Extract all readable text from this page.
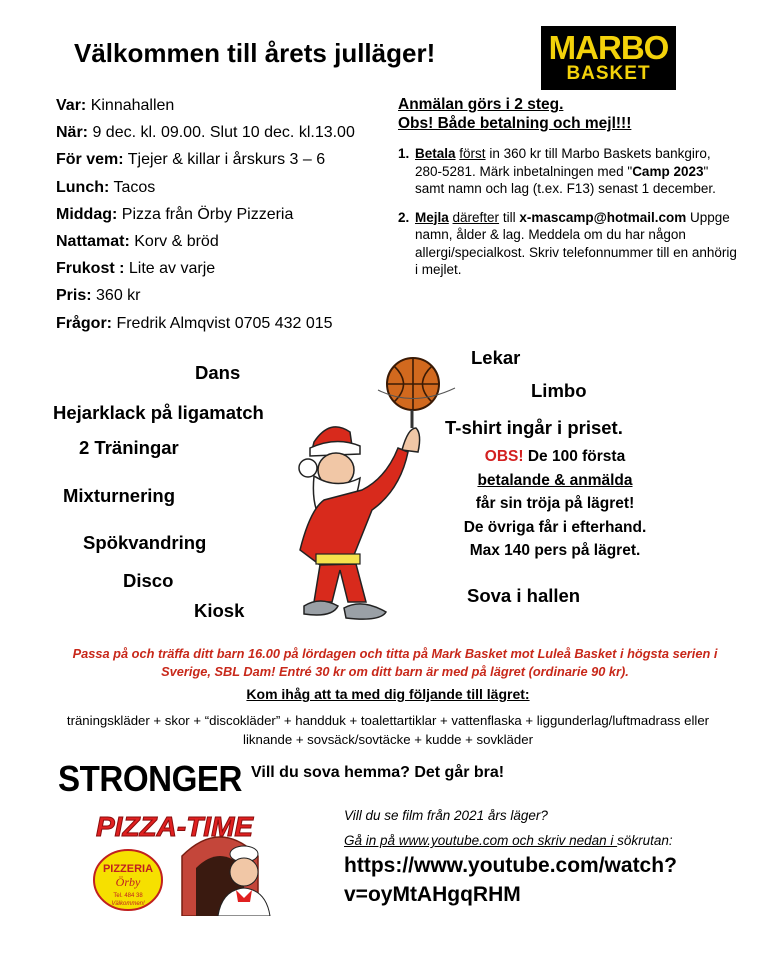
Välkommen till årets julläger!	MARBO
BASKET
Var: Kinnahallen
När: 9 dec. kl. 09.00. Slut 10 dec. kl.13.00
För vem: Tjejer & killar i årskurs 3 – 6
Lunch: Tacos
Middag: Pizza från Örby Pizzeria
Nattamat: Korv & bröd
Frukost : Lite av varje
Pris: 360 kr
Frågor: Fredrik Almqvist 0705 432 015
Anmälan görs i 2 steg.
Obs! Både betalning och mejl!!!
1. Betala först in 360 kr till Marbo Baskets bankgiro, 280-5281. Märk inbetalningen med "Camp 2023" samt namn och lag (t.ex. F13) senast 1 december.
2. Mejla därefter till x-mascamp@hotmail.com Uppge namn, ålder & lag. Meddela om du har någon allergi/specialkost. Skriv telefonnummer till en anhörig i mejlet.
Dans
Hejarklack på ligamatch
2 Träningar
Mixturnering
Spökvandring
Disco
Kiosk
Lekar
Limbo
T-shirt ingår i priset.
Sova i hallen
OBS! De 100 första
betalande & anmälda
får sin tröja på lägret!
De övriga får i efterhand.
Max 140 pers på lägret.
Passa på och träffa ditt barn 16.00 på lördagen och titta på Mark Basket mot Luleå Basket i högsta serien i Sverige, SBL Dam! Entré 30 kr om ditt barn är med på lägret (ordinarie 90 kr).
Kom ihåg att ta med dig följande till lägret:
träningskläder + skor + “discokläder” + handduk + toalettartiklar + vattenflaska + liggunderlag/luftmadrass eller liknande + sovsäck/sovtäcke + kudde + sovkläder
STRONGER
PIZZA-TIME
PIZZERIA
Örby
Tel. 484 38
Välkommen!
Vill du sova hemma? Det går bra!
Vill du se film från 2021 års läger?
Gå in på www.youtube.com och skriv nedan i sökrutan:
https://www.youtube.com/watch?
v=oyMtAHgqRHM
